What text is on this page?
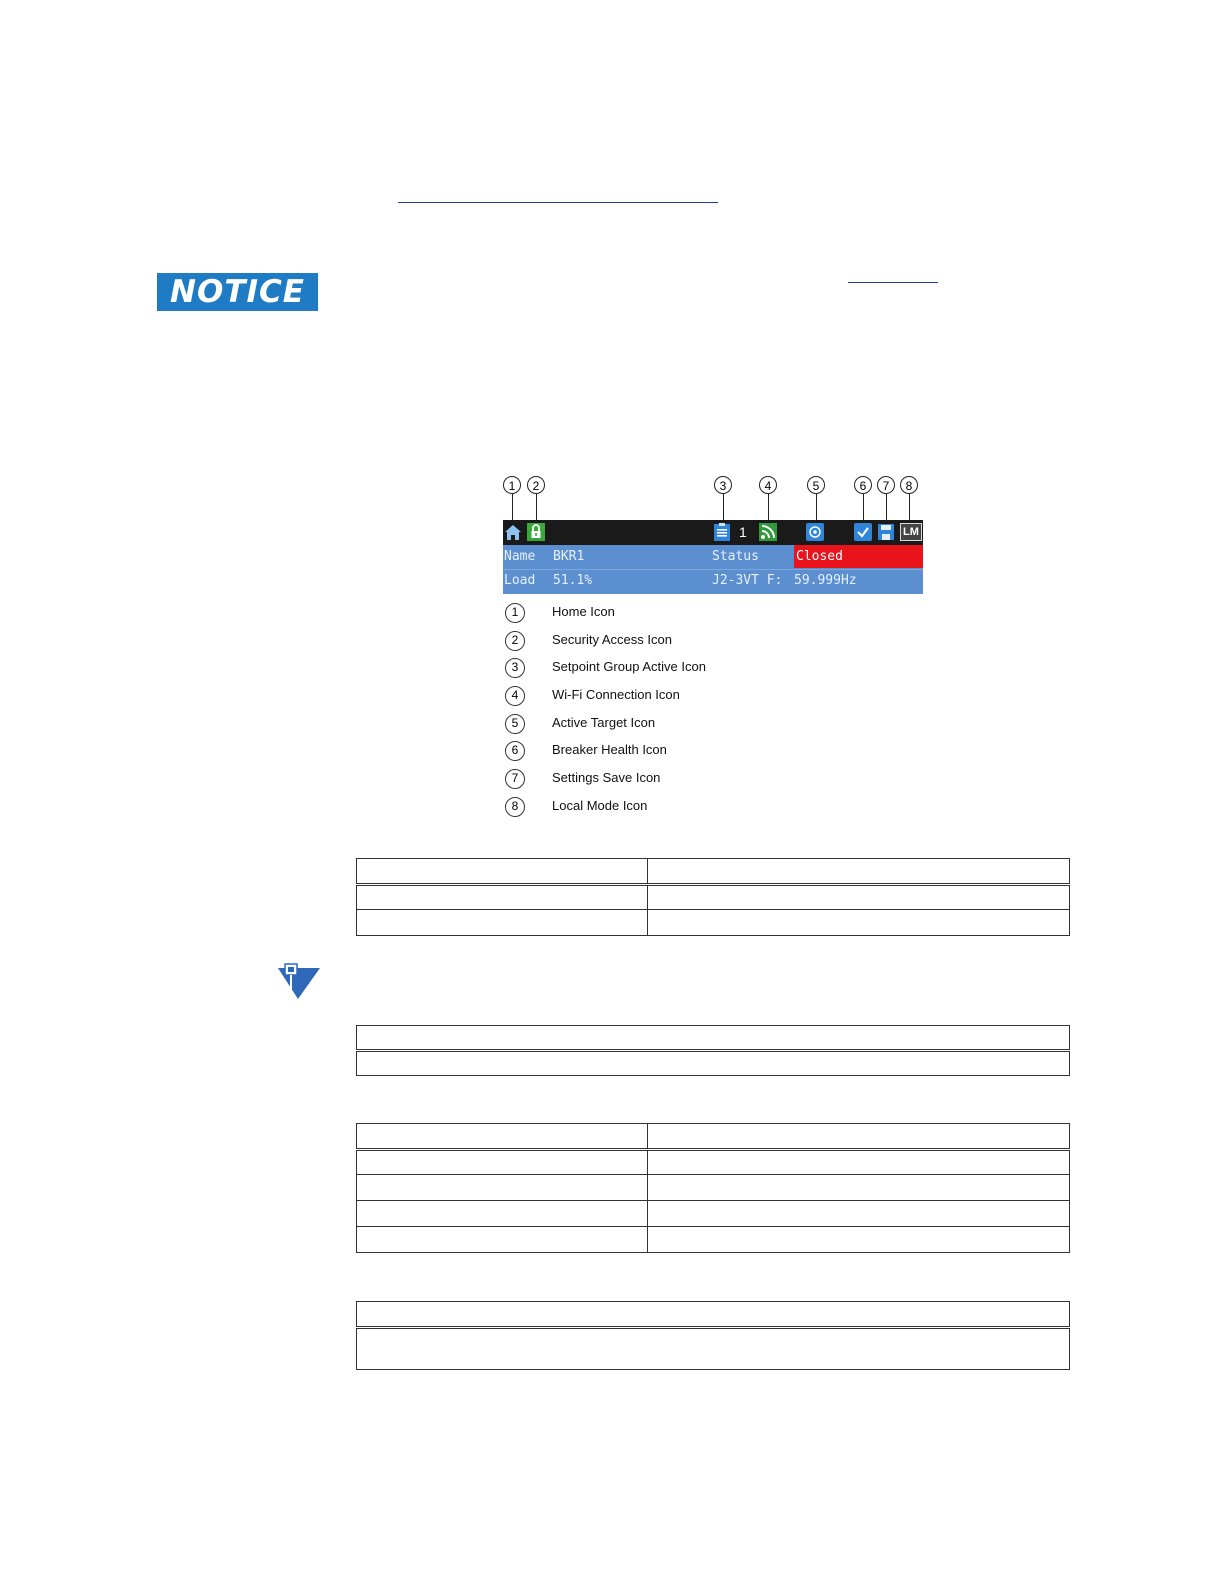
NOTICE
1	2	3	4	5	6	7	8
1	LM
Name BKR1	Status	Closed
Load 51.1%	J2-3VT F: 59.999Hz
1	Home Icon
2	Security Access Icon
3	Setpoint Group Active Icon
4	Wi-Fi Connection Icon
5	Active Target Icon
6	Breaker Health Icon
7	Settings Save Icon
8	Local Mode Icon
